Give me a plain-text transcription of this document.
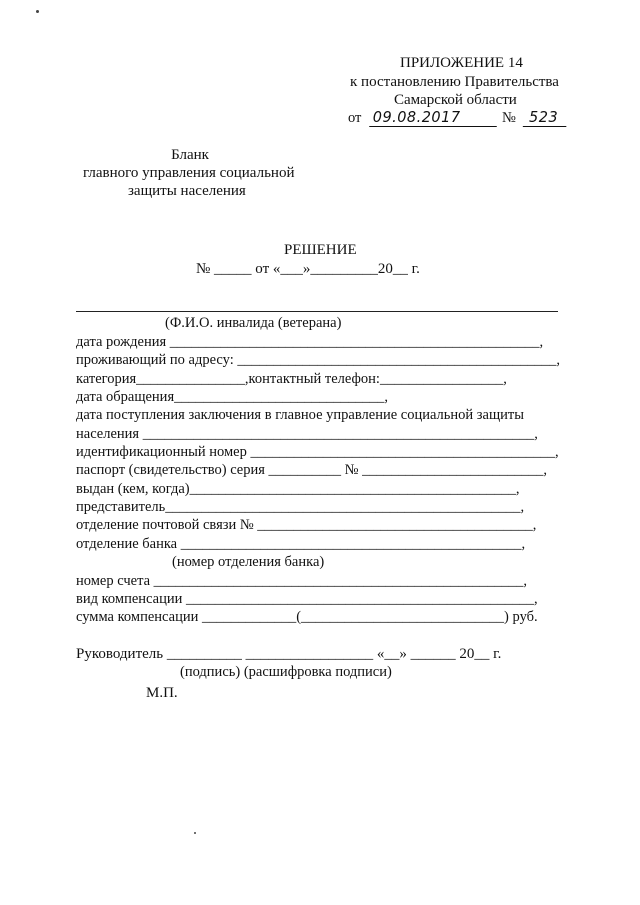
ПРИЛОЖЕНИЕ 14
к постановлению Правительства
Самарской области
от 09.08.2017	№ 523
Бланк
главного управления социальной
защиты населения
РЕШЕНИЕ
№ _____ от «___»_________20__ г.
(Ф.И.О. инвалида (ветерана)
дата рождения ___________________________________________________,
проживающий по адресу: ____________________________________________,
категория_______________,контактный телефон:_________________,
дата обращения_____________________________,
дата поступления заключения в главное управление социальной защиты
населения ______________________________________________________,
идентификационный номер __________________________________________,
паспорт (свидетельство) серия __________ № _________________________,
выдан (кем, когда)_____________________________________________,
представитель_________________________________________________,
отделение почтовой связи № ______________________________________,
отделение банка _______________________________________________,
(номер отделения банка)
номер счета ___________________________________________________,
вид компенсации ________________________________________________,
сумма компенсации _____________(____________________________) руб.
Руководитель __________ _________________ «__» ______ 20__ г.
(подпись) (расшифровка подписи)
М.П.
